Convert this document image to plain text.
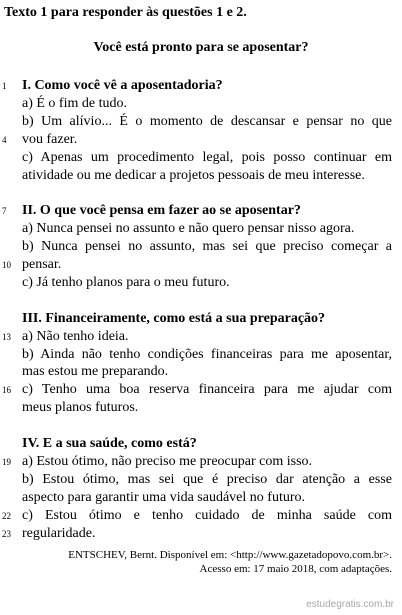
Texto 1 para responder às questões 1 e 2.
Você está pronto para se aposentar?
I. Como você vê a aposentadoria?
1
a) É o fim de tudo.
b) Um alívio... É o momento de descansar e pensar no que
vou fazer.
4
c) Apenas um procedimento legal, pois posso continuar em
atividade ou me dedicar a projetos pessoais de meu interesse.
II. O que você pensa em fazer ao se aposentar?
7
a) Nunca pensei no assunto e não quero pensar nisso agora.
b) Nunca pensei no assunto, mas sei que preciso começar a
pensar.
10
c) Já tenho planos para o meu futuro.
III. Financeiramente, como está a sua preparação?
a) Não tenho ideia.
13
b) Ainda não tenho condições financeiras para me aposentar,
mas estou me preparando.
c) Tenho uma boa reserva financeira para me ajudar com
16
meus planos futuros.
IV. E a sua saúde, como está?
a) Estou ótimo, não preciso me preocupar com isso.
19
b) Estou ótimo, mas sei que é preciso dar atenção a esse
aspecto para garantir uma vida saudável no futuro.
c) Estou ótimo e tenho cuidado de minha saúde com
22
regularidade.
23
ENTSCHEV, Bernt. Disponível em: <http://www.gazetadopovo.com.br>.
Acesso em: 17 maio 2018, com adaptações.
estudegratis.com.br
